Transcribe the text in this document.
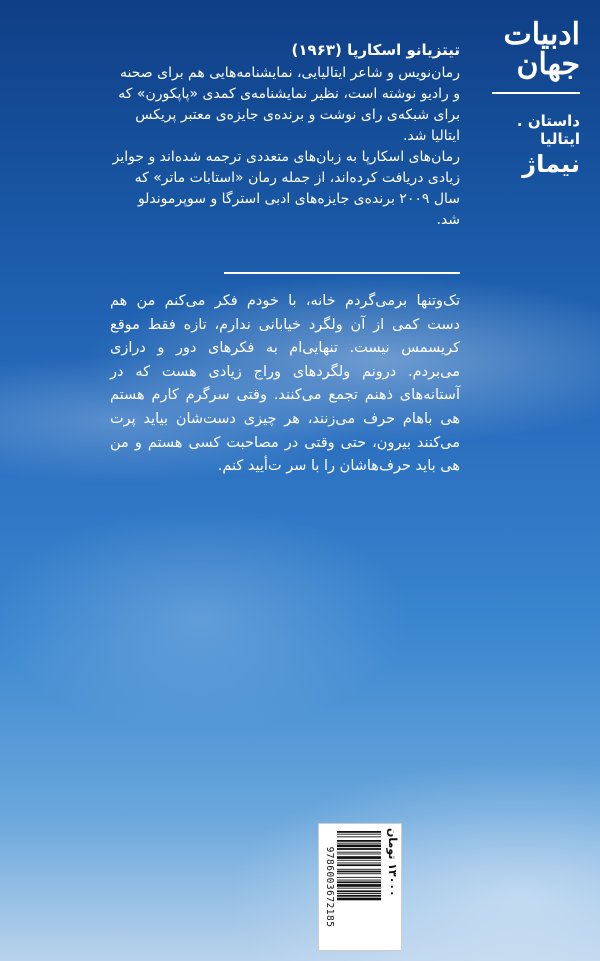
ادبیات
جهان
داستان . ایتالیا
نیماژ
تیتزیانو اسکارپا (۱۹۶۳)

رمان‌نویس و شاعر ایتالیایی، نمایشنامه‌هایی هم برای صحنه و رادیو نوشته است، نظیر نمایشنامه‌ی کمدی «پاپکورن» که برای شبکه‌ی رای نوشت و برنده‌ی جایزه‌ی معتبر پریکس ایتالیا شد.

رمان‌های اسکارپا به زبان‌های متعددی ترجمه شده‌اند و جوایز زیادی دریافت کرده‌اند، از جمله رمان «استابات ماتر» که سال ۲۰۰۹ برنده‌ی جایزه‌های ادبی استرگا و سوپرموندلو شد.

تک‌وتنها برمی‌گردم خانه، با خودم فکر می‌کنم من هم دست کمی از آن ولگرد خیابانی ندارم، تازه فقط موقع کریسمس نیست. تنهایی‌ام به فکرهای دور و درازی می‌بردم. درونم ولگردهای وراج زیادی هست که در آستانه‌های ذهنم تجمع می‌کنند. وقتی سرگرم کارم هستم هی باهام حرف می‌زنند، هر چیزی دست‌شان بیاید پرت می‌کنند بیرون، حتی وقتی در مصاحبت کسی هستم و من هی باید حرف‌هاشان را با سر ت‌أیید کنم.
۱۳۰۰۰ تومان
9786003672185
